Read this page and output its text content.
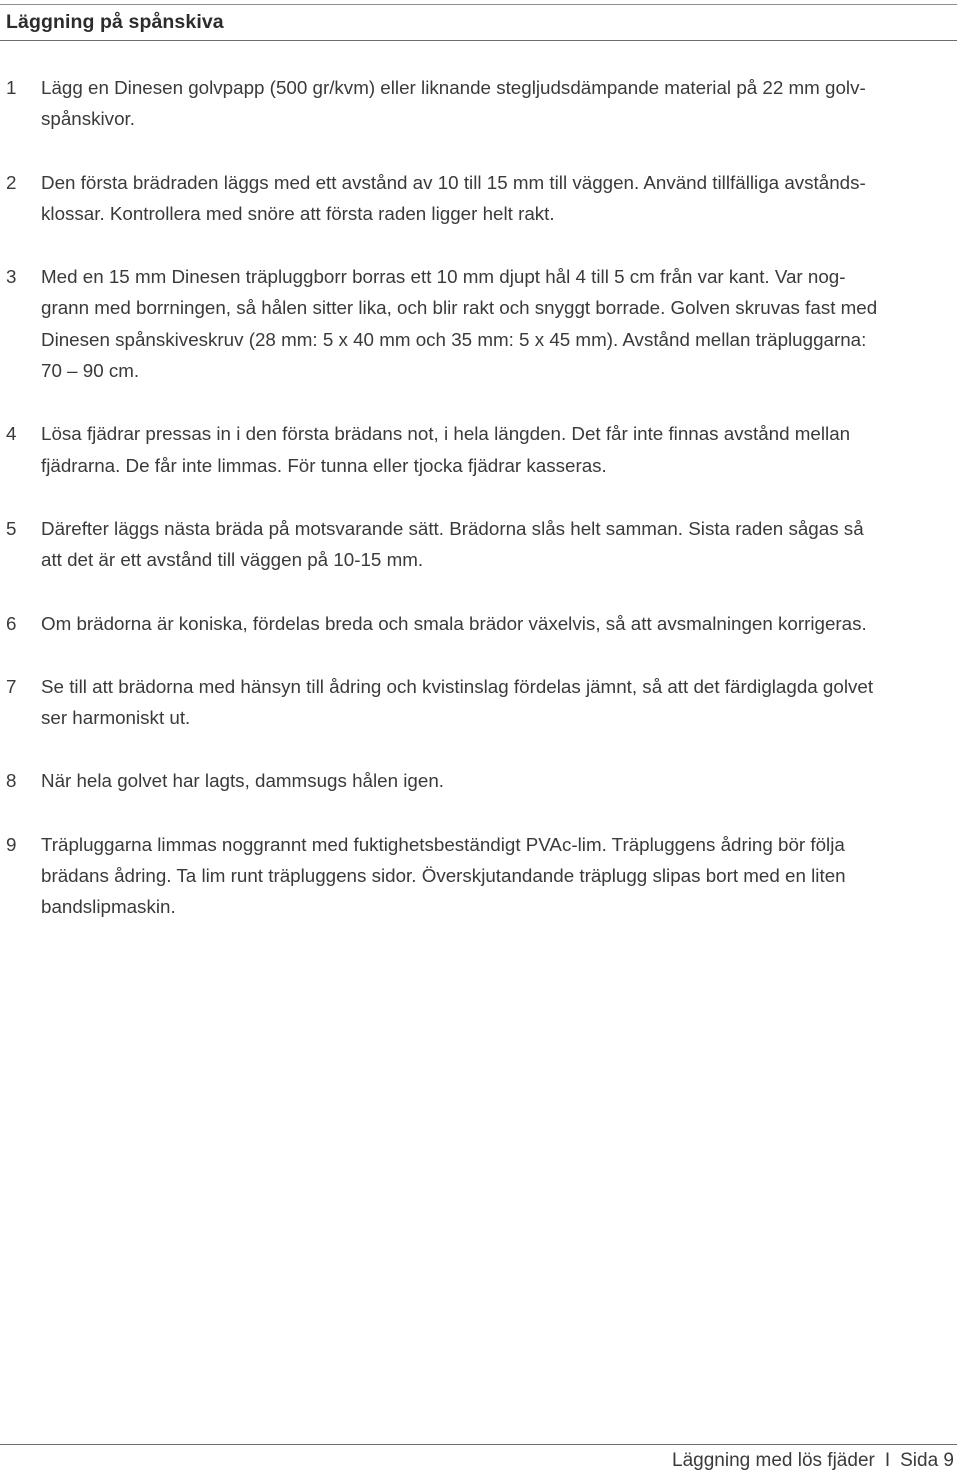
Läggning på spånskiva
1	Lägg en Dinesen golvpapp (500 gr/kvm) eller liknande stegljudsdämpande material på 22 mm golv-
spånskivor.
2	Den första brädraden läggs med ett avstånd av 10 till 15 mm till väggen. Använd tillfälliga avstånds-
klossar. Kontrollera med snöre att första raden ligger helt rakt.
3	Med en 15 mm Dinesen träpluggborr borras ett 10 mm djupt hål 4 till 5 cm från var kant. Var nog-
grann med borrningen, så hålen sitter lika, och blir rakt och snyggt borrade. Golven skruvas fast med
Dinesen spånskiveskruv (28 mm: 5 x 40 mm och 35 mm: 5 x 45 mm). Avstånd mellan träpluggarna:
70 – 90 cm.
4	Lösa fjädrar pressas in i den första brädans not, i hela längden. Det får inte finnas avstånd mellan
fjädrarna. De får inte limmas. För tunna eller tjocka fjädrar kasseras.
5	Därefter läggs nästa bräda på motsvarande sätt. Brädorna slås helt samman. Sista raden sågas så
att det är ett avstånd till väggen på 10-15 mm.
6	Om brädorna är koniska, fördelas breda och smala brädor växelvis, så att avsmalningen korrigeras.
7	Se till att brädorna med hänsyn till ådring och kvistinslag fördelas jämnt, så att det färdiglagda golvet
ser harmoniskt ut.
8	När hela golvet har lagts, dammsugs hålen igen.
9	Träpluggarna limmas noggrannt med fuktighetsbeständigt PVAc-lim. Träpluggens ådring bör följa
brädans ådring. Ta lim runt träpluggens sidor. Överskjutandande träplugg slipas bort med en liten
bandslipmaskin.
Läggning med lös fjäder I Sida 9
